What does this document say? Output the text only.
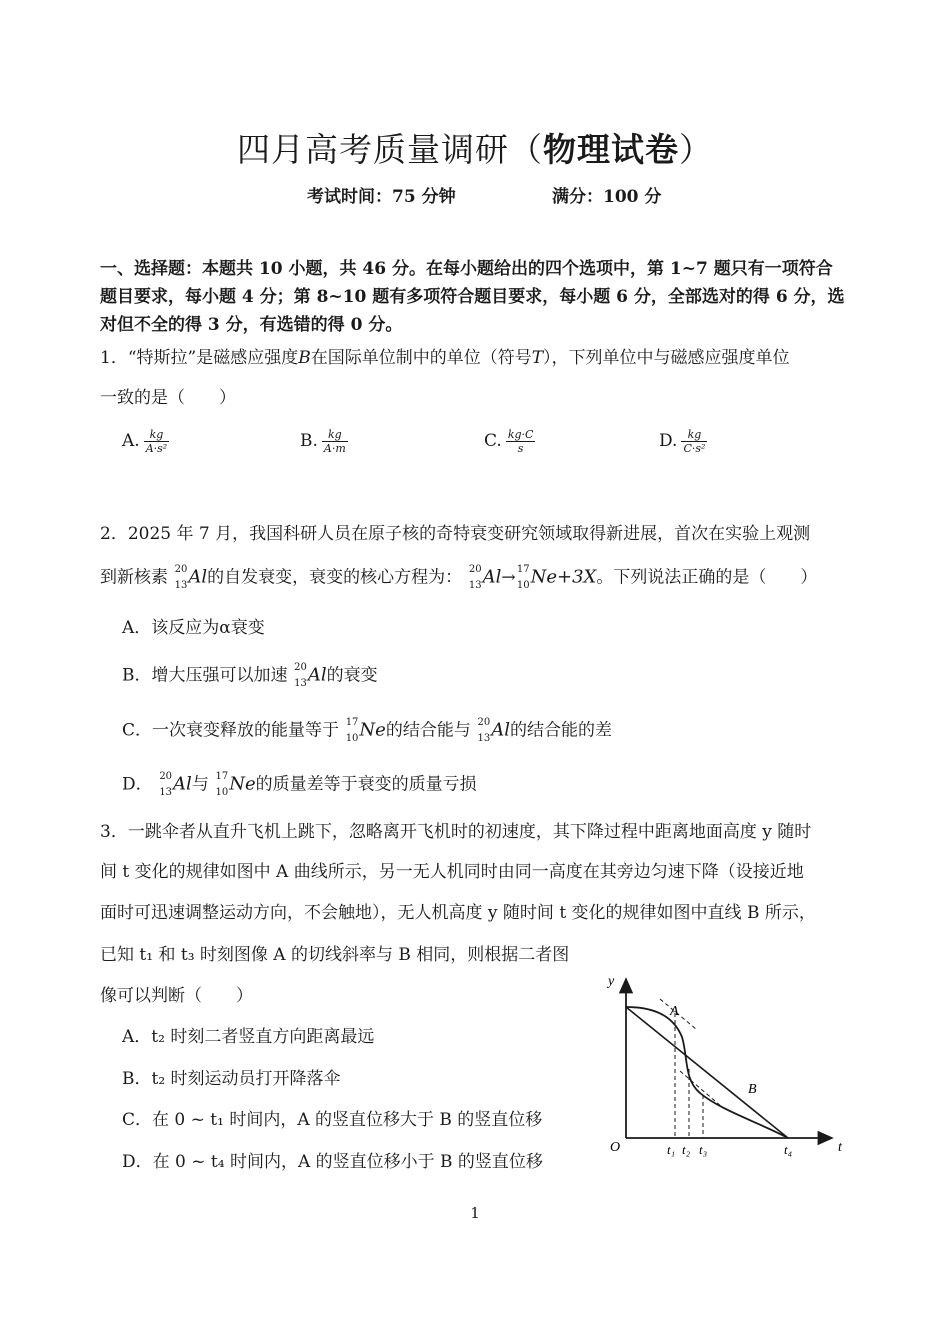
四月高考质量调研（物理试卷）
考试时间：75 分钟	满分：100 分
一、选择题：本题共 10 小题，共 46 分。在每小题给出的四个选项中，第 1~7 题只有一项符合
题目要求，每小题 4 分；第 8~10 题有多项符合题目要求，每小题 6 分，全部选对的得 6 分，选
对但不全的得 3 分，有选错的得 0 分。
1．“特斯拉”是磁感应强度B在国际单位制中的单位（符号T），下列单位中与磁感应强度单位
一致的是（　　）
A. $\frac{kg}{\text{A·s²}}$	B. $\frac{kg}{A\cdot m}$	C. $\frac{kg\cdot C}{s}$	D. $\frac{kg}{\text{C·s²}}$
2．2025 年 7 月，我国科研人员在原子核的奇特衰变研究领域取得新进展，首次在实验上观测
到新核素 20
13 Al的自发衰变，衰变的核心方程为： 20
13 Al→ 17
10 Ne+3X。下列说法正确的是（　　）
A．该反应为α衰变
B．增大压强可以加速 20
13 Al的衰变
C．一次衰变释放的能量等于 17
10 Ne的结合能与 20
13 Al的结合能的差
D． 20
13 Al与 17
10 Ne的质量差等于衰变的质量亏损
3．一跳伞者从直升飞机上跳下，忽略离开飞机时的初速度，其下降过程中距离地面高度 y 随时
间 t 变化的规律如图中 A 曲线所示，另一无人机同时由同一高度在其旁边匀速下降（设接近地
面时可迅速调整运动方向，不会触地），无人机高度 y 随时间 t 变化的规律如图中直线 B 所示，
已知 t₁ 和 t₃ 时刻图像 A 的切线斜率与 B 相同，则根据二者图
像可以判断（　　）
A．t₂ 时刻二者竖直方向距离最远
B．t₂ 时刻运动员打开降落伞
C．在 0 ~ t₁ 时间内，A 的竖直位移大于 B 的竖直位移
D．在 0 ~ t₄ 时间内，A 的竖直位移小于 B 的竖直位移
y
t
O
A
B
t₁ t₂ t₃	t₄
1
